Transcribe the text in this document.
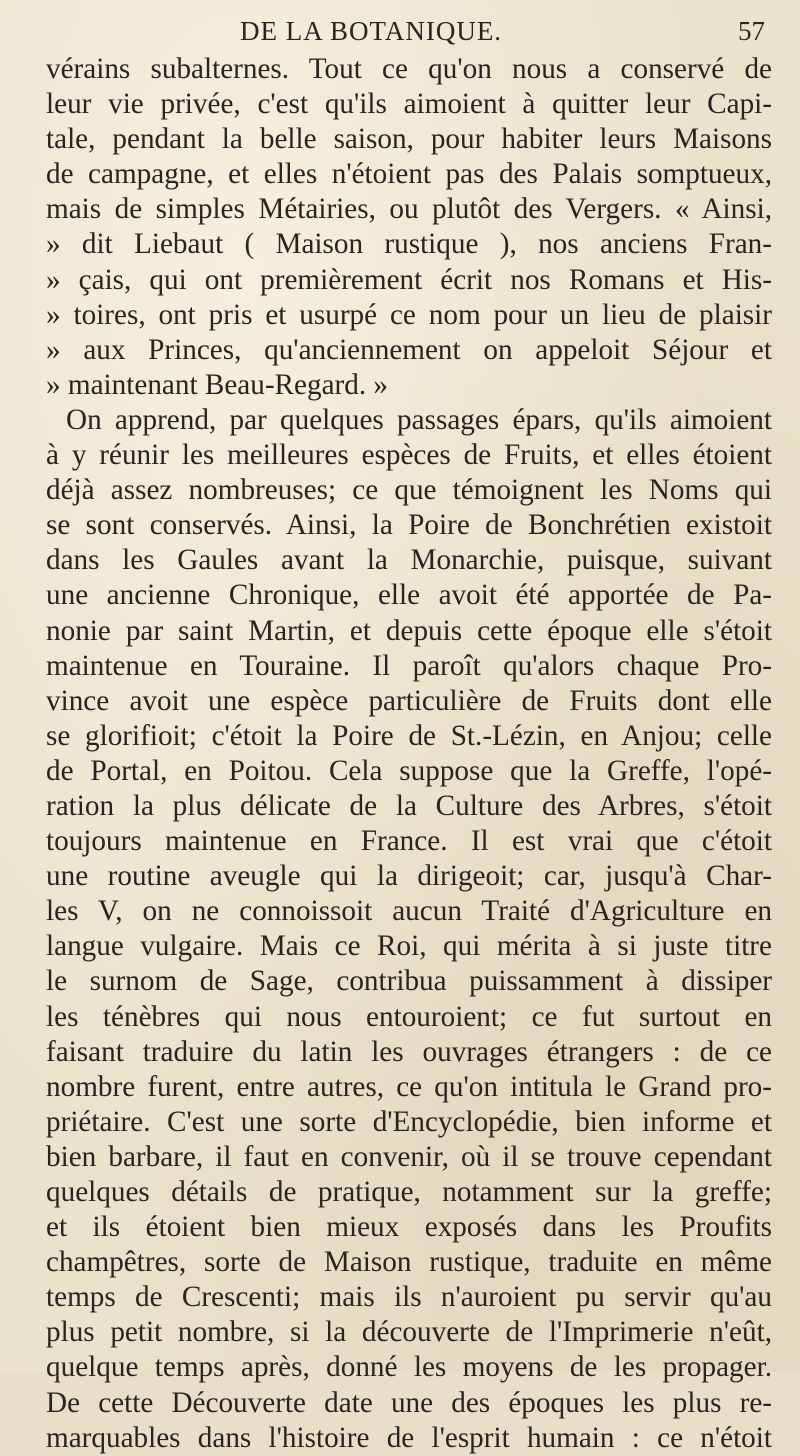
DE LA BOTANIQUE.	57
vérains subalternes. Tout ce qu'on nous a conservé de
leur vie privée, c'est qu'ils aimoient à quitter leur Capi-
tale, pendant la belle saison, pour habiter leurs Maisons
de campagne, et elles n'étoient pas des Palais somptueux,
mais de simples Métairies, ou plutôt des Vergers. « Ainsi,
» dit Liebaut ( Maison rustique ), nos anciens Fran-
» çais, qui ont premièrement écrit nos Romans et His-
» toires, ont pris et usurpé ce nom pour un lieu de plaisir
» aux Princes, qu'anciennement on appeloit Séjour et
» maintenant Beau-Regard. »
On apprend, par quelques passages épars, qu'ils aimoient
à y réunir les meilleures espèces de Fruits, et elles étoient
déjà assez nombreuses; ce que témoignent les Noms qui
se sont conservés. Ainsi, la Poire de Bonchrétien existoit
dans les Gaules avant la Monarchie, puisque, suivant
une ancienne Chronique, elle avoit été apportée de Pa-
nonie par saint Martin, et depuis cette époque elle s'étoit
maintenue en Touraine. Il paroît qu'alors chaque Pro-
vince avoit une espèce particulière de Fruits dont elle
se glorifioit; c'étoit la Poire de St.-Lézin, en Anjou; celle
de Portal, en Poitou. Cela suppose que la Greffe, l'opé-
ration la plus délicate de la Culture des Arbres, s'étoit
toujours maintenue en France. Il est vrai que c'étoit
une routine aveugle qui la dirigeoit; car, jusqu'à Char-
les V, on ne connoissoit aucun Traité d'Agriculture en
langue vulgaire. Mais ce Roi, qui mérita à si juste titre
le surnom de Sage, contribua puissamment à dissiper
les ténèbres qui nous entouroient; ce fut surtout en
faisant traduire du latin les ouvrages étrangers : de ce
nombre furent, entre autres, ce qu'on intitula le Grand pro-
priétaire. C'est une sorte d'Encyclopédie, bien informe et
bien barbare, il faut en convenir, où il se trouve cependant
quelques détails de pratique, notamment sur la greffe;
et ils étoient bien mieux exposés dans les Proufits
champêtres, sorte de Maison rustique, traduite en même
temps de Crescenti; mais ils n'auroient pu servir qu'au
plus petit nombre, si la découverte de l'Imprimerie n'eût,
quelque temps après, donné les moyens de les propager.
De cette Découverte date une des époques les plus re-
marquables dans l'histoire de l'esprit humain : ce n'étoit
